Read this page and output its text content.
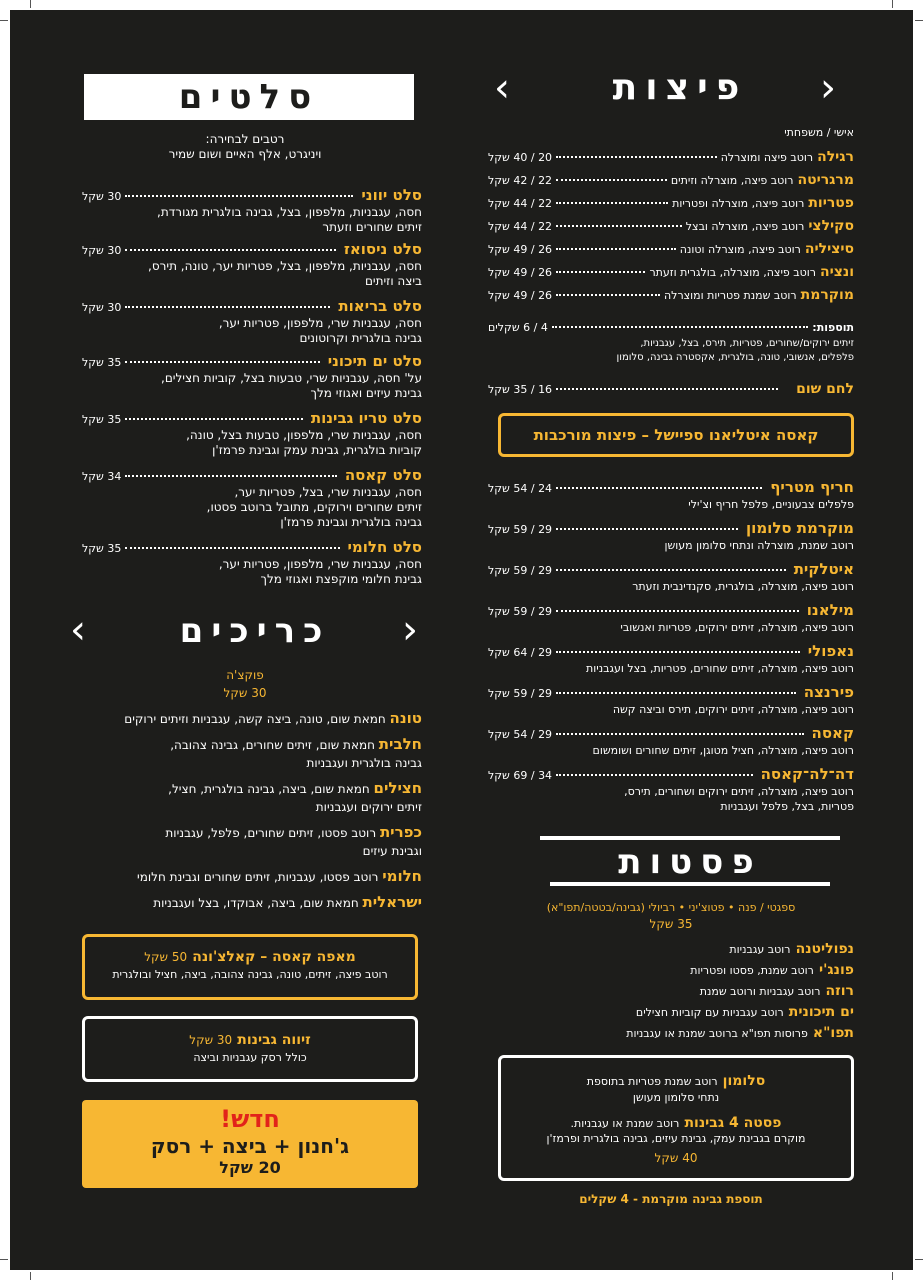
‹	›
פיצות
אישי / משפחתי
רגילה
רוטב פיצה ומוצרלה
20 / 40 שקל
מרגריטה
רוטב פיצה, מוצרלה וזיתים
22 / 42 שקל
פטריות
רוטב פיצה, מוצרלה ופטריות
22 / 44 שקל
סקילצי
רוטב פיצה, מוצרלה ובצל
22 / 44 שקל
סיציליה
רוטב פיצה, מוצרלה וטונה
26 / 49 שקל
ונציה
רוטב פיצה, מוצרלה, בולגרית וזעתר
26 / 49 שקל
מוקרמת
רוטב שמנת פטריות ומוצרלה
26 / 49 שקל
תוספות:
4 / 6 שקלים
זיתים ירוקים/שחורים, פטריות, תירס, בצל, עגבניות,
פלפלים, אנשובי, טונה, בולגרית, אקסטרה גבינה, סלומון
לחם שום
16 / 35 שקל
קאסה איטליאנו ספיישל – פיצות מורכבות
חריף מטריף
24 / 54 שקל
פלפלים צבעוניים, פלפל חריף וצ'ילי
מוקרמת סלומון
29 / 59 שקל
רוטב שמנת, מוצרלה ונתחי סלומון מעושן
איטלקית
29 / 59 שקל
רוטב פיצה, מוצרלה, בולגרית, סקנדינבית וזעתר
מילאנו
29 / 59 שקל
רוטב פיצה, מוצרלה, זיתים ירוקים, פטריות ואנשובי
נאפולי
29 / 64 שקל
רוטב פיצה, מוצרלה, זיתים שחורים, פטריות, בצל ועגבניות
פירנצה
29 / 59 שקל
רוטב פיצה, מוצרלה, זיתים ירוקים, תירס וביצה קשה
קאסה
29 / 54 שקל
רוטב פיצה, מוצרלה, חציל מטוגן, זיתים שחורים ושומשום
דה־לה־קאסה
34 / 69 שקל
רוטב פיצה, מוצרלה, זיתים ירוקים ושחורים, תירס,
פטריות, בצל, פלפל ועגבניות
פסטות
ספגטי / פנה • פטוצ'יני • רביולי (גבינה/בטטה/תפו"א)
35 שקל
נפוליטנה רוטב עגבניות
פונג'י רוטב שמנת, פסטו ופטריות
רוזה רוטב עגבניות ורוטב שמנת
ים תיכונית רוטב עגבניות עם קוביות חצילים
תפו"א פרוסות תפו"א ברוטב שמנת או עגבניות
סלומון רוטב שמנת פטריות בתוספת
נתחי סלומון מעושן
פסטה 4 גבינות רוטב שמנת או עגבניות.
מוקרם בגבינת עמק, גבינת עיזים, גבינה בולגרית ופרמז'ן
40 שקל
תוספת גבינה מוקרמת - 4 שקלים
סלטים
רטבים לבחירה:
ויניגרט, אלף האיים ושום שמיר
סלט יווני
30 שקל
חסה, עגבניות, מלפפון, בצל, גבינה בולגרית מגורדת,
זיתים שחורים וזעתר
סלט ניסואז
30 שקל
חסה, עגבניות, מלפפון, בצל, פטריות יער, טונה, תירס,
ביצה וזיתים
סלט בריאות
30 שקל
חסה, עגבניות שרי, מלפפון, פטריות יער,
גבינה בולגרית וקרוטונים
סלט ים תיכוני
35 שקל
על' חסה, עגבניות שרי, טבעות בצל, קוביות חצילים,
גבינת עיזים ואגוזי מלך
סלט טריו גבינות
35 שקל
חסה, עגבניות שרי, מלפפון, טבעות בצל, טונה,
קוביות בולגרית, גבינת עמק וגבינת פרמז'ן
סלט קאסה
34 שקל
חסה, עגבניות שרי, בצל, פטריות יער,
זיתים שחורים וירוקים, מתובל ברוטב פסטו,
גבינה בולגרית וגבינת פרמז'ן
סלט חלומי
35 שקל
חסה, עגבניות שרי, מלפפון, פטריות יער,
גבינת חלומי מוקפצת ואגוזי מלך
‹	›
כריכים
פוקצ'ה
30 שקל
טונה חמאת שום, טונה, ביצה קשה, עגבניות וזיתים ירוקים
חלבית חמאת שום, זיתים שחורים, גבינה צהובה,
גבינה בולגרית ועגבניות
חצילים חמאת שום, ביצה, גבינה בולגרית, חציל,
זיתים ירוקים ועגבניות
כפרית רוטב פסטו, זיתים שחורים, פלפל, עגבניות
וגבינת עיזים
חלומי רוטב פסטו, עגבניות, זיתים שחורים וגבינת חלומי
ישראלית חמאת שום, ביצה, אבוקדו, בצל ועגבניות
מאפה קאסה – קאלצ'ונה 50 שקל
רוטב פיצה, זיתים, טונה, גבינה צהובה, ביצה, חציל ובולגרית
זיווה גבינות 30 שקל
כולל רסק עגבניות וביצה
חדש!
ג'חנון + ביצה + רסק
20 שקל
